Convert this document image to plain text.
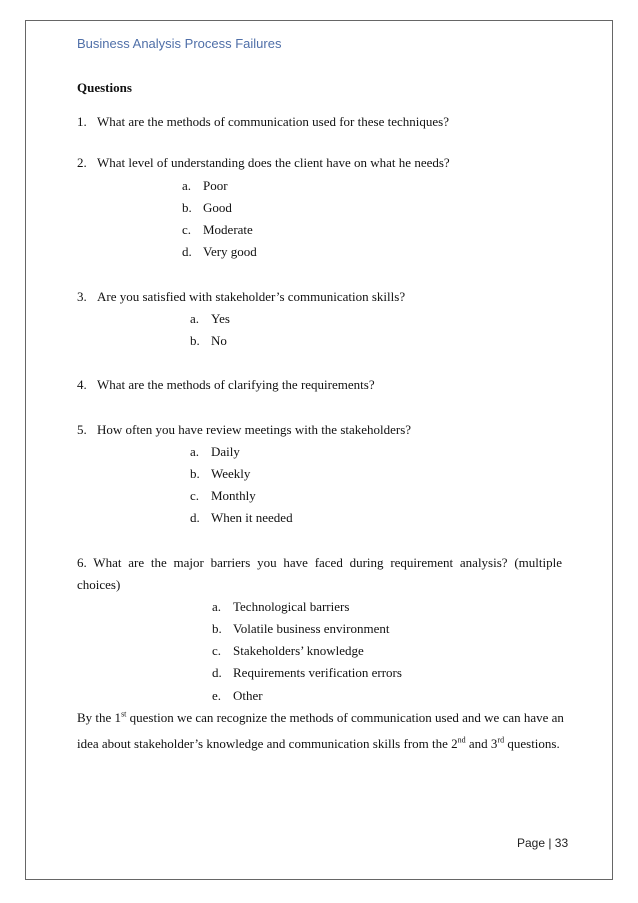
Business Analysis Process Failures
Questions
1. What are the methods of communication used for these techniques?
2. What level of understanding does the client have on what he needs?
a. Poor
b. Good
c. Moderate
d. Very good
3. Are you satisfied with stakeholder’s communication skills?
a. Yes
b. No
4. What are the methods of clarifying the requirements?
5. How often you have review meetings with the stakeholders?
a. Daily
b. Weekly
c. Monthly
d. When it needed
6. What are the major barriers you have faced during requirement analysis? (multiple
choices)
a. Technological barriers
b. Volatile business environment
c. Stakeholders’ knowledge
d. Requirements verification errors
e. Other
By the 1st question we can recognize the methods of communication used and we can have an
idea about stakeholder’s knowledge and communication skills from the 2nd and 3rd questions.
Page | 33
